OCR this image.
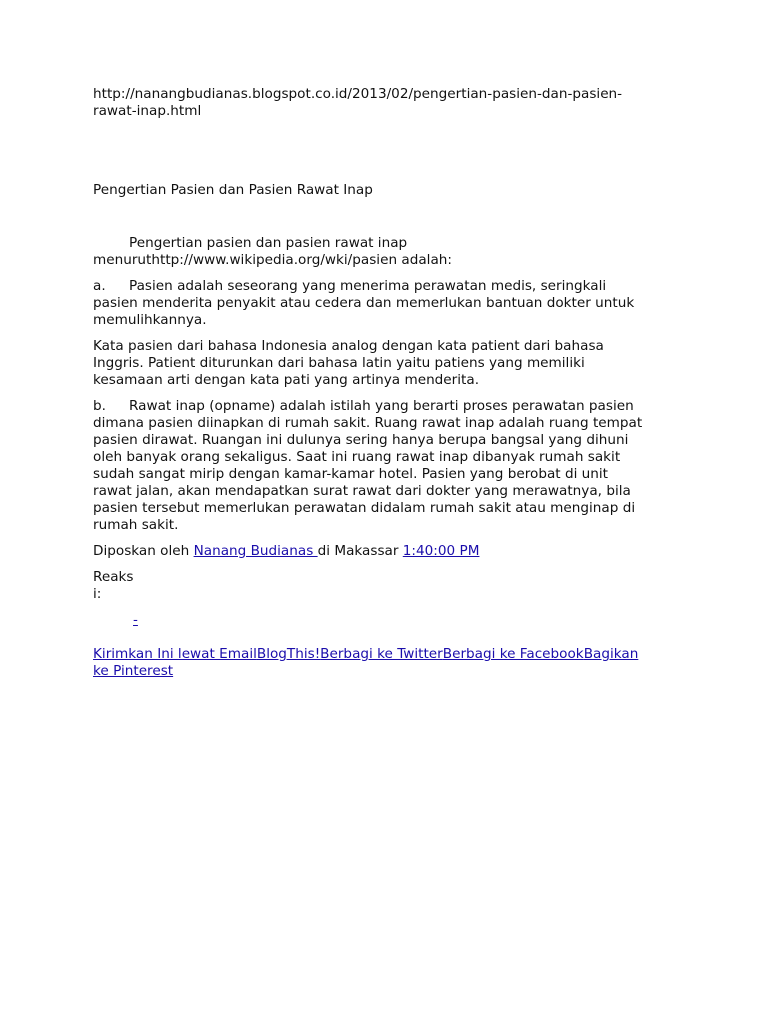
http://nanangbudianas.blogspot.co.id/2013/02/pengertian-pasien-dan-pasien-
rawat-inap.html
Pengertian Pasien dan Pasien Rawat Inap
Pengertian pasien dan pasien rawat inap
menuruthttp://www.wikipedia.org/wki/pasien adalah:
a. Pasien adalah seseorang yang menerima perawatan medis, seringkali
pasien menderita penyakit atau cedera dan memerlukan bantuan dokter untuk
memulihkannya.
Kata pasien dari bahasa Indonesia analog dengan kata patient dari bahasa
Inggris. Patient diturunkan dari bahasa latin yaitu patiens yang memiliki
kesamaan arti dengan kata pati yang artinya menderita.
b. Rawat inap (opname) adalah istilah yang berarti proses perawatan pasien
dimana pasien diinapkan di rumah sakit. Ruang rawat inap adalah ruang tempat
pasien dirawat. Ruangan ini dulunya sering hanya berupa bangsal yang dihuni
oleh banyak orang sekaligus. Saat ini ruang rawat inap dibanyak rumah sakit
sudah sangat mirip dengan kamar-kamar hotel. Pasien yang berobat di unit
rawat jalan, akan mendapatkan surat rawat dari dokter yang merawatnya, bila
pasien tersebut memerlukan perawatan didalam rumah sakit atau menginap di
rumah sakit.
Diposkan oleh Nanang Budianas di Makassar 1:40:00 PM
Reaks
i:
-
Kirimkan Ini lewat EmailBlogThis!Berbagi ke TwitterBerbagi ke FacebookBagikan
ke Pinterest
